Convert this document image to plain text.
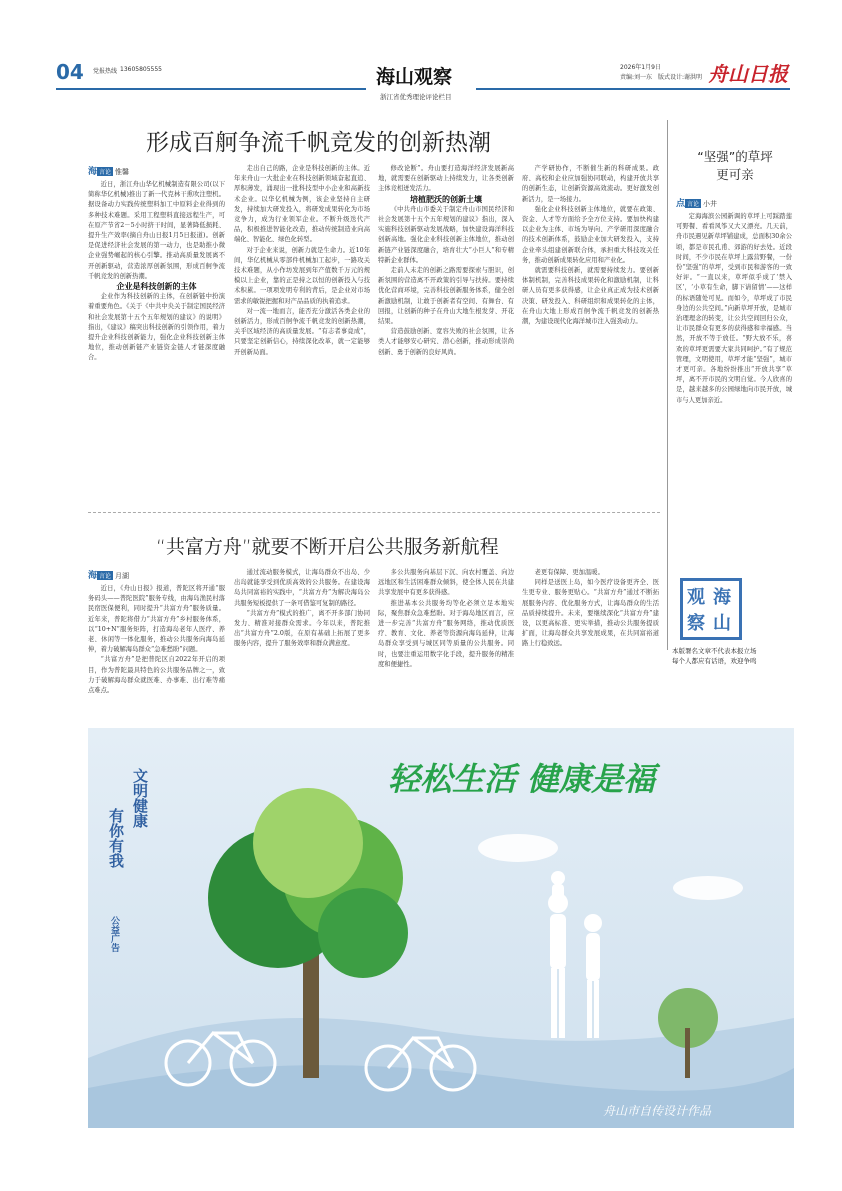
04 党报热线 13605805555	海山观察
浙江省优秀理论评论栏目
2026年1月9日
责编:刘一东　版式设计:谢洪明 舟山日报
形成百舸争流千帆竞发的创新热潮
海 言论 惟馨

近日，浙江舟山华亿机械制造有限公司(以下简称华亿机械)推出了新一代克林干熏吹注塑机。据设备动力实践传统塑料加工中原料企业得到的多种技术难题。采用工程塑料直接远程生产，可在原产节省2－5小时挤干时间，显著降低损耗、提升生产效率(摘自舟山日报1月5日报道)。创新是促进经济社会发展的第一动力，也是助推小微企业强势崛起的核心引擎。推动高质量发展离不开创新驱动，营造浓厚创新氛围，形成百舸争流千帆竞发的创新热潮。

企业是科技创新的主体

企业作为科技创新的主体，在创新链中扮演着重要角色。《关于《中共中央关于制定国民经济和社会发展第十五个五年规划的建议》的说明》指出，《建议》稿突出科技创新的引领作用，着力提升企业科技创新能力，强化企业科技创新主体地位，推动创新链产业链资金链人才链深度融合。

走出自己的路，企业是科技创新的主体。近年来舟山一大批企业在科技创新领域奋起直追、厚积薄发，涌现出一批科技型中小企业和高新技术企业。以华亿机械为例，该企业坚持自主研发，持续加大研发投入，将研发成果转化为市场竞争力，成为行业领军企业。不断升级迭代产品，积极推进智能化改造，推动传统制造业向高端化、智能化、绿色化转型。

对于企业来说，创新力就是生命力。近10年间，华亿机械从零部件机械加工起步，一路攻关技术难题，从小作坊发展到年产值数千万元的规模以上企业，靠的正是持之以恒的创新投入与技术积累。一项项发明专利的背后，是企业对市场需求的敏锐把握和对产品品质的执着追求。

对一流一地而言，能否充分激活各类企业的创新活力，形成百舸争流千帆竞发的创新热潮，关乎区域经济的高质量发展。“有志者事竟成”，只要坚定创新信心，持续深化改革，就一定能够开创新局面。

修改论断”。舟山要打造海洋经济发展新高地，就需要在创新驱动上持续发力，让各类创新主体竞相迸发活力。

培植肥沃的创新土壤

《中共舟山市委关于制定舟山市国民经济和社会发展第十五个五年规划的建议》指出，深入实施科技创新驱动发展战略，加快建设海洋科技创新高地。强化企业科技创新主体地位，推动创新链产业链深度融合，培育壮大“小巨人”和专精特新企业群体。

走前人未走的创新之路需要探索与胆识，创新氛围的营造离不开政策的引导与扶持。要持续优化营商环境，完善科技创新服务体系，健全创新激励机制，让敢于创新者有空间、有舞台、有回报，让创新的种子在舟山大地生根发芽、开花结果。

营造鼓励创新、宽容失败的社会氛围，让各类人才能够安心研究、潜心创新，推动形成崇尚创新、勇于创新的良好风尚。

产学研协作，不断催生新的科研成果。政府、高校和企业应加强协同联动，构建开放共享的创新生态，让创新资源高效流动。更好激发创新活力，是一场接力。

强化企业科技创新主体地位，就要在政策、资金、人才等方面给予全方位支持。要加快构建以企业为主体、市场为导向、产学研用深度融合的技术创新体系，鼓励企业加大研发投入，支持企业牵头组建创新联合体，承担重大科技攻关任务，推动创新成果转化应用和产业化。

就需要科技创新，就需要持续发力。要创新体制机制，完善科技成果转化和激励机制，让科研人员有更多获得感，让企业真正成为技术创新决策、研发投入、科研组织和成果转化的主体，在舟山大地上形成百舸争流千帆竞发的创新热潮，为建设现代化海洋城市注入强劲动力。

“坚强”的草坪
更可亲
点 言论 小井

定海海滨公园新调的草坪上可踩踏莲可野餐、看看风筝又大又漂亮。几天前，舟市民遇见新草坪铺建成，总面积30余公顷，都是市民孔甫、郊游的好去处。近段时间，不少市民在草坪上露营野餐，一份份“坚强”的草坪，受到市民和游客的一致好评。“一直以来，草坪似乎成了‘禁入区’，‘小草有生命，脚下请留情’——这样的标语随处可见。而如今，草坪成了市民身边的公共空间。”向新草坪开放，是城市治理理念的转变，让公共空间回归公众，让市民群众有更多的获得感和幸福感。当然，开放不等于放任。“野大放不乐，喜欢的草坪更需要大家共同呵护。”有了规范管理，文明使用，草坪才能“坚强”，城市才更可亲。各地纷纷推出“开放共享”草坪，离不开市民的文明自觉。今人欣喜的是，越来越多的公园绿地向市民开放，城市与人更加亲近。

“共富方舟”就要不断开启公共服务新航程
海 言论 月湖

近日，《舟山日报》报道，普陀区将开通“服务码头——普陀医院”服务专线，由海岛渔民村落民宿医保便利，同时提升“共富方舟”服务质量。近年来，普陀将借力“共富方舟”乡村服务体系，以“10+N”服务矩阵，打造海岛老年人医疗、养老、休闲等一体化服务，推动公共服务向海岛延伸，着力破解海岛群众“急难愁盼”问题。

“共富方舟”是把普陀区自2022年开启的项目，作为普陀最具特色的公共服务品牌之一，致力于破解海岛群众就医难、办事难、出行难等痛点难点。

通过流动服务模式，让海岛群众不出岛、少出岛就能享受到优质高效的公共服务。在建设海岛共同富裕的实践中，“共富方舟”为解决海岛公共服务短板提供了一条可借鉴可复制的路径。

“共富方舟”模式的推广，离不开多部门协同发力、精准对接群众需求。今年以来，普陀推出“共富方舟”2.0版，在原有基础上拓展了更多服务内容，提升了服务效率和群众满意度。

多公共服务向基层下沉、向农村覆盖、向边远地区和生活困难群众倾斜，使全体人民在共建共享发展中有更多获得感。

推进基本公共服务均等化必须立足本地实际，聚焦群众急难愁盼。对于海岛地区而言，应进一步完善“共富方舟”服务网络，推动优质医疗、教育、文化、养老等资源向海岛延伸，让海岛群众享受到与城区同等质量的公共服务。同时，也要注重运用数字化手段，提升服务的精准度和便捷性。

老更有保障、更加温暖。

同样是送医上岛，如今医疗设备更齐全、医生更专业、服务更贴心。“共富方舟”通过不断拓展服务内容、优化服务方式，让海岛群众的生活品质持续提升。未来，要继续深化“共富方舟”建设，以更高标准、更实举措，推动公共服务提质扩面，让海岛群众共享发展成果，在共同富裕道路上行稳致远。

海
山
观
察
本版署名文章不代表本报立场
每个人都应有话语，欢迎争鸣
轻松生活 健康是福
文明健康
有你有我
公益广告
舟山市自传设计作品
